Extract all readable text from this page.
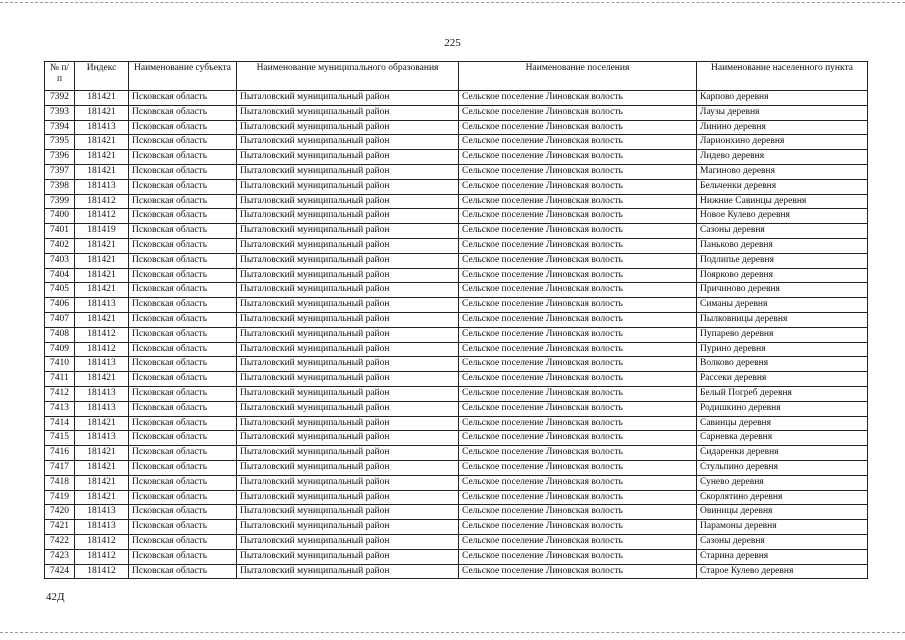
225
№ п/п	Индекс	Наименование субъекта	Наименование муниципального образования	Наименование поселения	Наименование населенного пункта
7392	181421	Псковская область	Пыталовский муниципальный район	Сельское поселение Линовская волость	Карпово деревня
7393	181421	Псковская область	Пыталовский муниципальный район	Сельское поселение Линовская волость	Лаузы деревня
7394	181413	Псковская область	Пыталовский муниципальный район	Сельское поселение Линовская волость	Линино деревня
7395	181421	Псковская область	Пыталовский муниципальный район	Сельское поселение Линовская волость	Ларионхино деревня
7396	181421	Псковская область	Пыталовский муниципальный район	Сельское поселение Линовская волость	Лидево деревня
7397	181421	Псковская область	Пыталовский муниципальный район	Сельское поселение Линовская волость	Магиново деревня
7398	181413	Псковская область	Пыталовский муниципальный район	Сельское поселение Линовская волость	Бельченки деревня
7399	181412	Псковская область	Пыталовский муниципальный район	Сельское поселение Линовская волость	Нижние Савинцы деревня
7400	181412	Псковская область	Пыталовский муниципальный район	Сельское поселение Линовская волость	Новое Кулево деревня
7401	181419	Псковская область	Пыталовский муниципальный район	Сельское поселение Линовская волость	Сазоны деревня
7402	181421	Псковская область	Пыталовский муниципальный район	Сельское поселение Линовская волость	Паньково деревня
7403	181421	Псковская область	Пыталовский муниципальный район	Сельское поселение Линовская волость	Подлипье деревня
7404	181421	Псковская область	Пыталовский муниципальный район	Сельское поселение Линовская волость	Поярково деревня
7405	181421	Псковская область	Пыталовский муниципальный район	Сельское поселение Линовская волость	Причиново деревня
7406	181413	Псковская область	Пыталовский муниципальный район	Сельское поселение Линовская волость	Симаны деревня
7407	181421	Псковская область	Пыталовский муниципальный район	Сельское поселение Линовская волость	Пылковницы деревня
7408	181412	Псковская область	Пыталовский муниципальный район	Сельское поселение Линовская волость	Пупарево деревня
7409	181412	Псковская область	Пыталовский муниципальный район	Сельское поселение Линовская волость	Пурино деревня
7410	181413	Псковская область	Пыталовский муниципальный район	Сельское поселение Линовская волость	Волково деревня
7411	181421	Псковская область	Пыталовский муниципальный район	Сельское поселение Линовская волость	Рассеки деревня
7412	181413	Псковская область	Пыталовский муниципальный район	Сельское поселение Линовская волость	Белый Погреб деревня
7413	181413	Псковская область	Пыталовский муниципальный район	Сельское поселение Линовская волость	Родишкино деревня
7414	181421	Псковская область	Пыталовский муниципальный район	Сельское поселение Линовская волость	Савинцы деревня
7415	181413	Псковская область	Пыталовский муниципальный район	Сельское поселение Линовская волость	Сарневка деревня
7416	181421	Псковская область	Пыталовский муниципальный район	Сельское поселение Линовская волость	Сидаренки деревня
7417	181421	Псковская область	Пыталовский муниципальный район	Сельское поселение Линовская волость	Стульпино деревня
7418	181421	Псковская область	Пыталовский муниципальный район	Сельское поселение Линовская волость	Сунево деревня
7419	181421	Псковская область	Пыталовский муниципальный район	Сельское поселение Линовская волость	Скорлятино деревня
7420	181413	Псковская область	Пыталовский муниципальный район	Сельское поселение Линовская волость	Овиницы деревня
7421	181413	Псковская область	Пыталовский муниципальный район	Сельское поселение Линовская волость	Парамоны деревня
7422	181412	Псковская область	Пыталовский муниципальный район	Сельское поселение Линовская волость	Сазоны деревня
7423	181412	Псковская область	Пыталовский муниципальный район	Сельское поселение Линовская волость	Старина деревня
7424	181412	Псковская область	Пыталовский муниципальный район	Сельское поселение Линовская волость	Старое Кулево деревня
42Д
